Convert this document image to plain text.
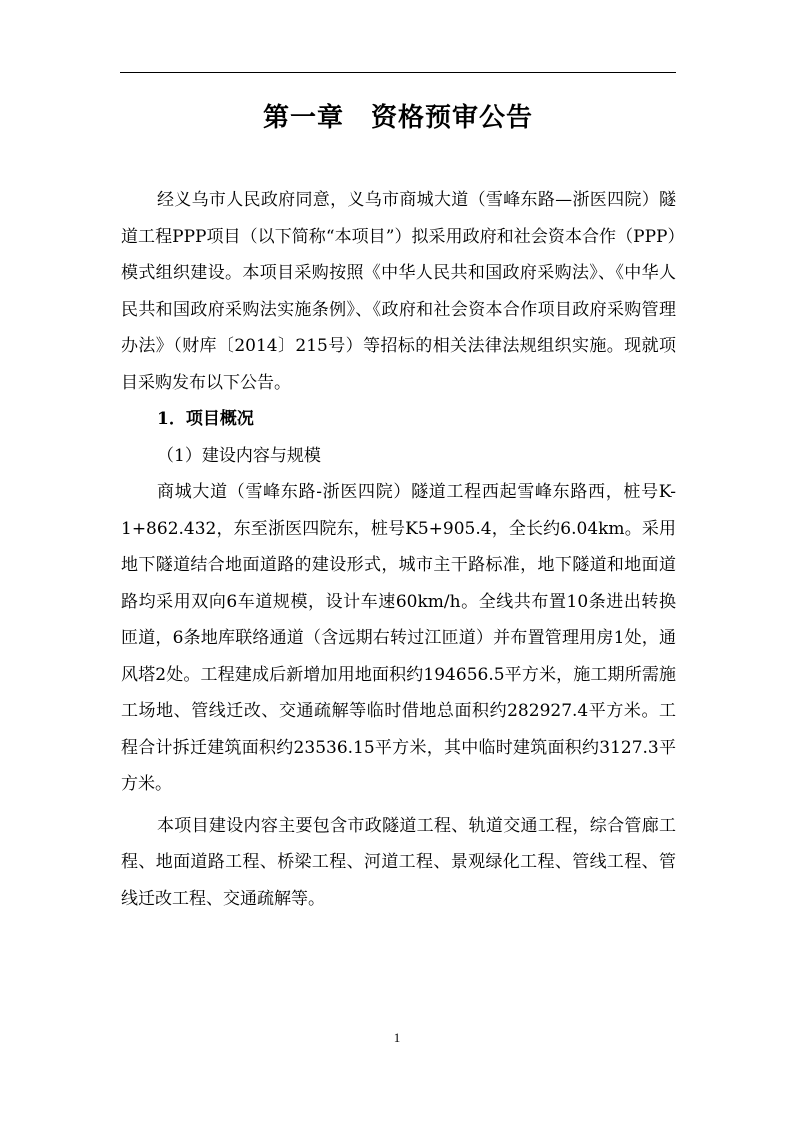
第一章　资格预审公告

经义乌市人民政府同意，义乌市商城大道（雪峰东路—浙医四院）隧道工程PPP项目（以下简称“本项目”）拟采用政府和社会资本合作（PPP）模式组织建设。本项目采购按照《中华人民共和国政府采购法》、《中华人民共和国政府采购法实施条例》、《政府和社会资本合作项目政府采购管理办法》（财库〔2014〕215号）等招标的相关法律法规组织实施。现就项目采购发布以下公告。

1．项目概况

（1）建设内容与规模

商城大道（雪峰东路-浙医四院）隧道工程西起雪峰东路西，桩号K-1+862.432，东至浙医四院东，桩号K5+905.4，全长约6.04km。采用地下隧道结合地面道路的建设形式，城市主干路标准，地下隧道和地面道路均采用双向6车道规模，设计车速60km/h。全线共布置10条进出转换匝道，6条地库联络通道（含远期右转过江匝道）并布置管理用房1处，通风塔2处。工程建成后新增加用地面积约194656.5平方米，施工期所需施工场地、管线迁改、交通疏解等临时借地总面积约282927.4平方米。工程合计拆迁建筑面积约23536.15平方米，其中临时建筑面积约3127.3平方米。

本项目建设内容主要包含市政隧道工程、轨道交通工程，综合管廊工程、地面道路工程、桥梁工程、河道工程、景观绿化工程、管线工程、管线迁改工程、交通疏解等。

1
